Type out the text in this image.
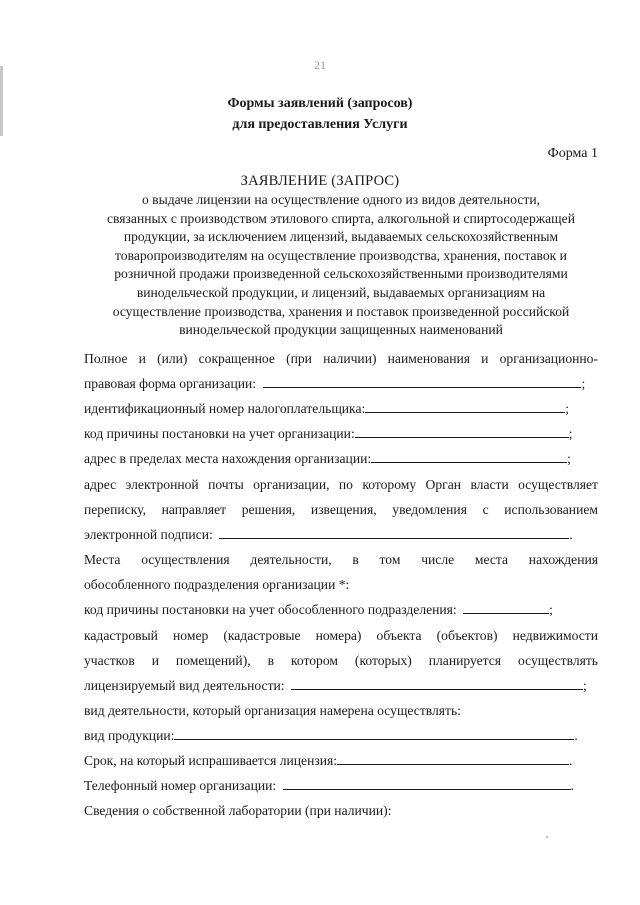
21
Формы заявлений (запросов)
для предоставления Услуги
Форма 1
ЗАЯВЛЕНИЕ (ЗАПРОС)
о выдаче лицензии на осуществление одного из видов деятельности,
связанных с производством этилового спирта, алкогольной и спиртосодержащей
продукции, за исключением лицензий, выдаваемых сельскохозяйственным
товаропроизводителям на осуществление производства, хранения, поставок и
розничной продажи произведенной сельскохозяйственными производителями
винодельческой продукции, и лицензий, выдаваемых организациям на
осуществление производства, хранения и поставок произведенной российской
винодельческой продукции защищенных наименований
Полное и (или) сокращенное (при наличии) наименования и организационно-
правовая форма организации:	;
идентификационный номер налогоплательщика:	;
код причины постановки на учет организации:	;
адрес в пределах места нахождения организации:	;
адрес электронной почты организации, по которому Орган власти осуществляет
переписку, направляет решения, извещения, уведомления с использованием
электронной подписи:	.
Места осуществления деятельности, в том числе места нахождения
обособленного подразделения организации *:
код причины постановки на учет обособленного подразделения:	;
кадастровый номер (кадастровые номера) объекта (объектов) недвижимости
участков и помещений), в котором (которых) планируется осуществлять
лицензируемый вид деятельности:	;
вид деятельности, который организация намерена осуществлять:
вид продукции:	.
Срок, на который испрашивается лицензия:	.
Телефонный номер организации:	.
Сведения о собственной лаборатории (при наличии):
